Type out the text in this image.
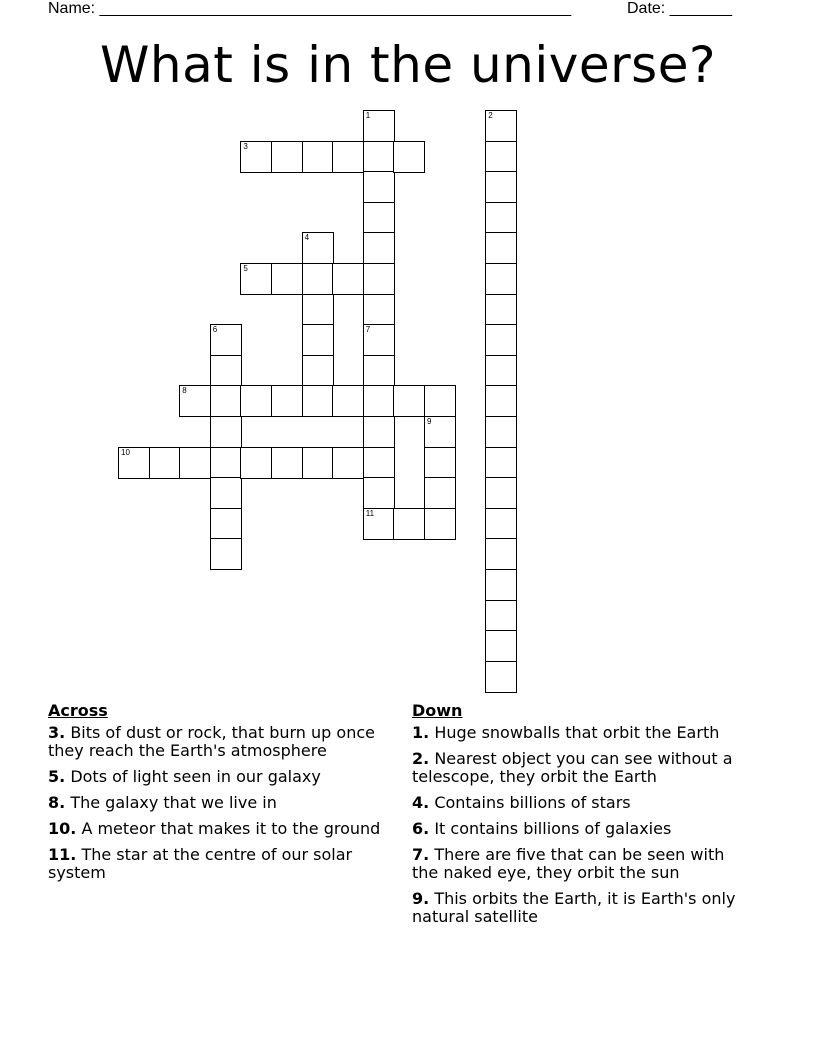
Name: _____________________________________________________	Date: _______
What is in the universe?
1
7
2
3
4
5
6
11
8
9
10
Across
3. Bits of dust or rock, that burn up once they reach the Earth's atmosphere
5. Dots of light seen in our galaxy
8. The galaxy that we live in
10. A meteor that makes it to the ground
11. The star at the centre of our solar system
Down
1. Huge snowballs that orbit the Earth
2. Nearest object you can see without a telescope, they orbit the Earth
4. Contains billions of stars
6. It contains billions of galaxies
7. There are five that can be seen with the naked eye, they orbit the sun
9. This orbits the Earth, it is Earth's only natural satellite
